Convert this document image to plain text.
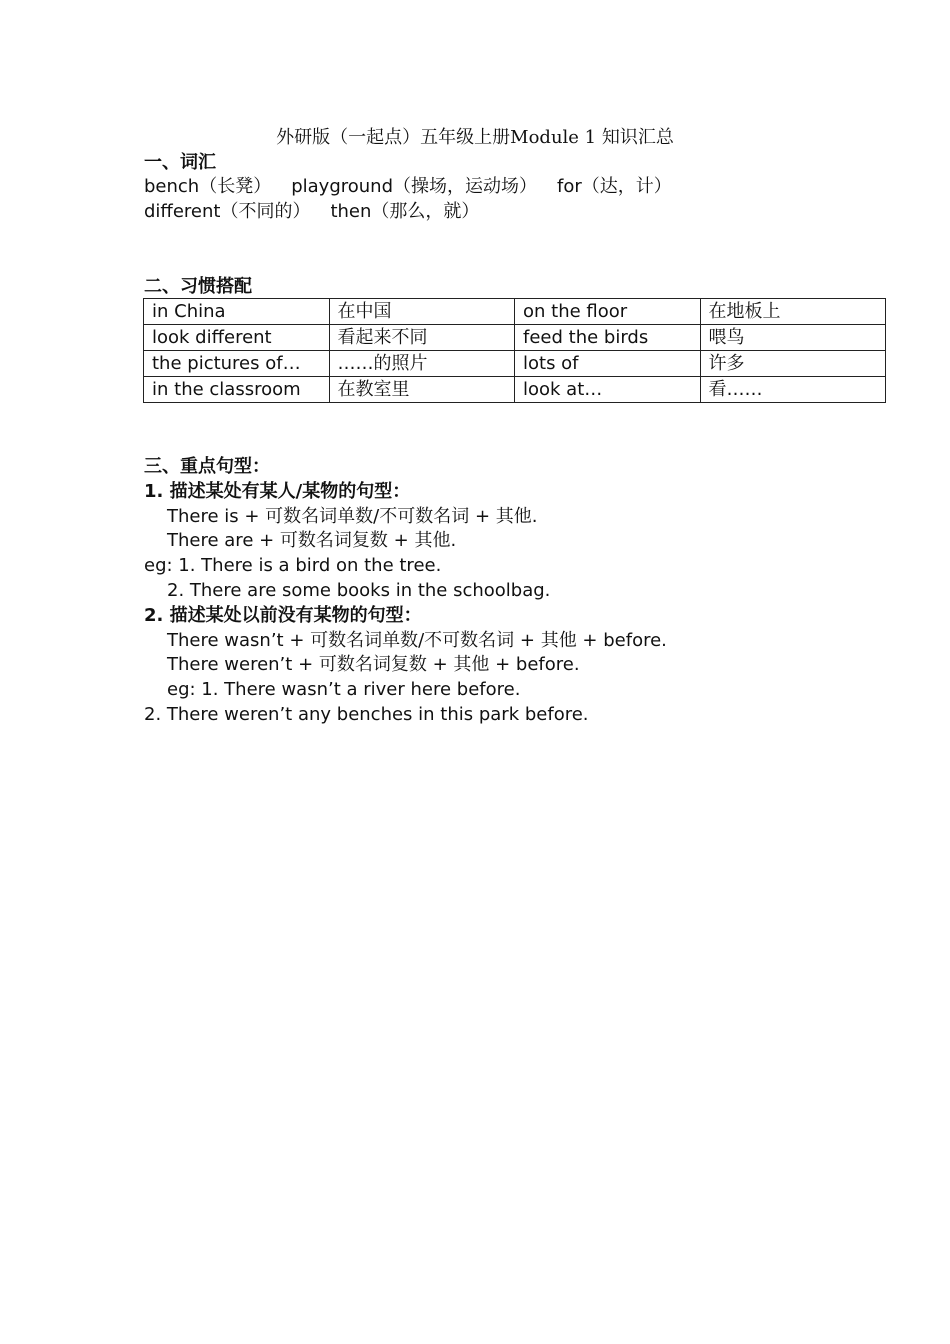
外研版（一起点）五年级上册Module 1 知识汇总
一、词汇
bench（长凳） playground（操场，运动场） for（达，计）
different（不同的） then（那么，就）
二、习惯搭配
in China	在中国	on the floor	在地板上
look different	看起来不同	feed the birds	喂鸟
the pictures of…	……的照片	lots of	许多
in the classroom	在教室里	look at…	看……
三、重点句型：
1. 描述某处有某人/某物的句型：
There is + 可数名词单数/不可数名词 + 其他.
There are + 可数名词复数 + 其他.
eg: 1. There is a bird on the tree.
2. There are some books in the schoolbag.
2. 描述某处以前没有某物的句型：
There wasn’t + 可数名词单数/不可数名词 + 其他 + before.
There weren’t + 可数名词复数 + 其他 + before.
eg: 1. There wasn’t a river here before.
2. There weren’t any benches in this park before.
